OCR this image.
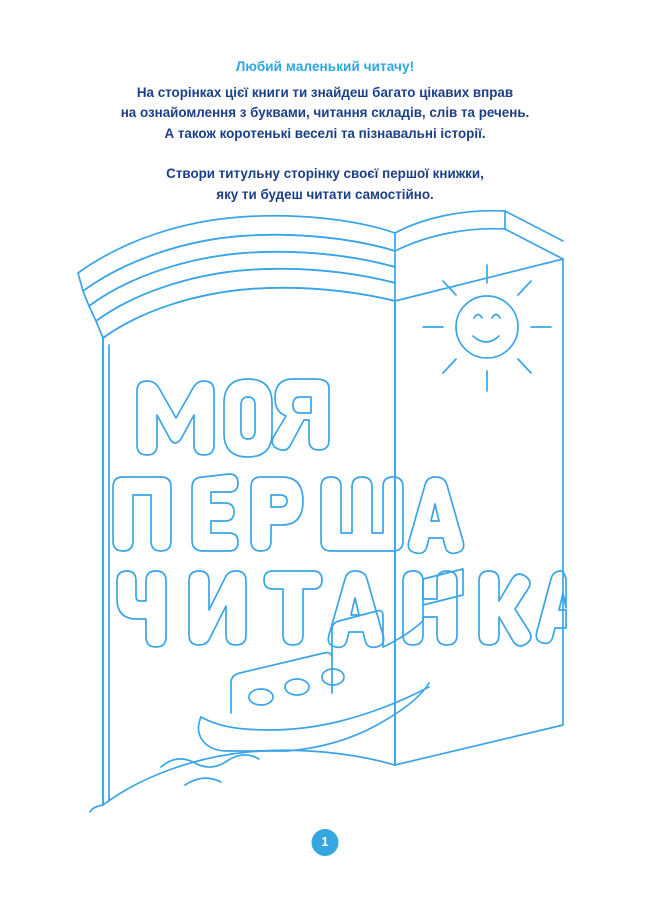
Любий маленький читачу!

На сторінках цієї книги ти знайдеш багато цікавих вправ

на ознайомлення з буквами, читання складів, слів та речень.

А також коротенькі веселі та пізнавальні історії.

Створи титульну сторінку своєї першої книжки,

яку ти будеш читати самостійно.

1
